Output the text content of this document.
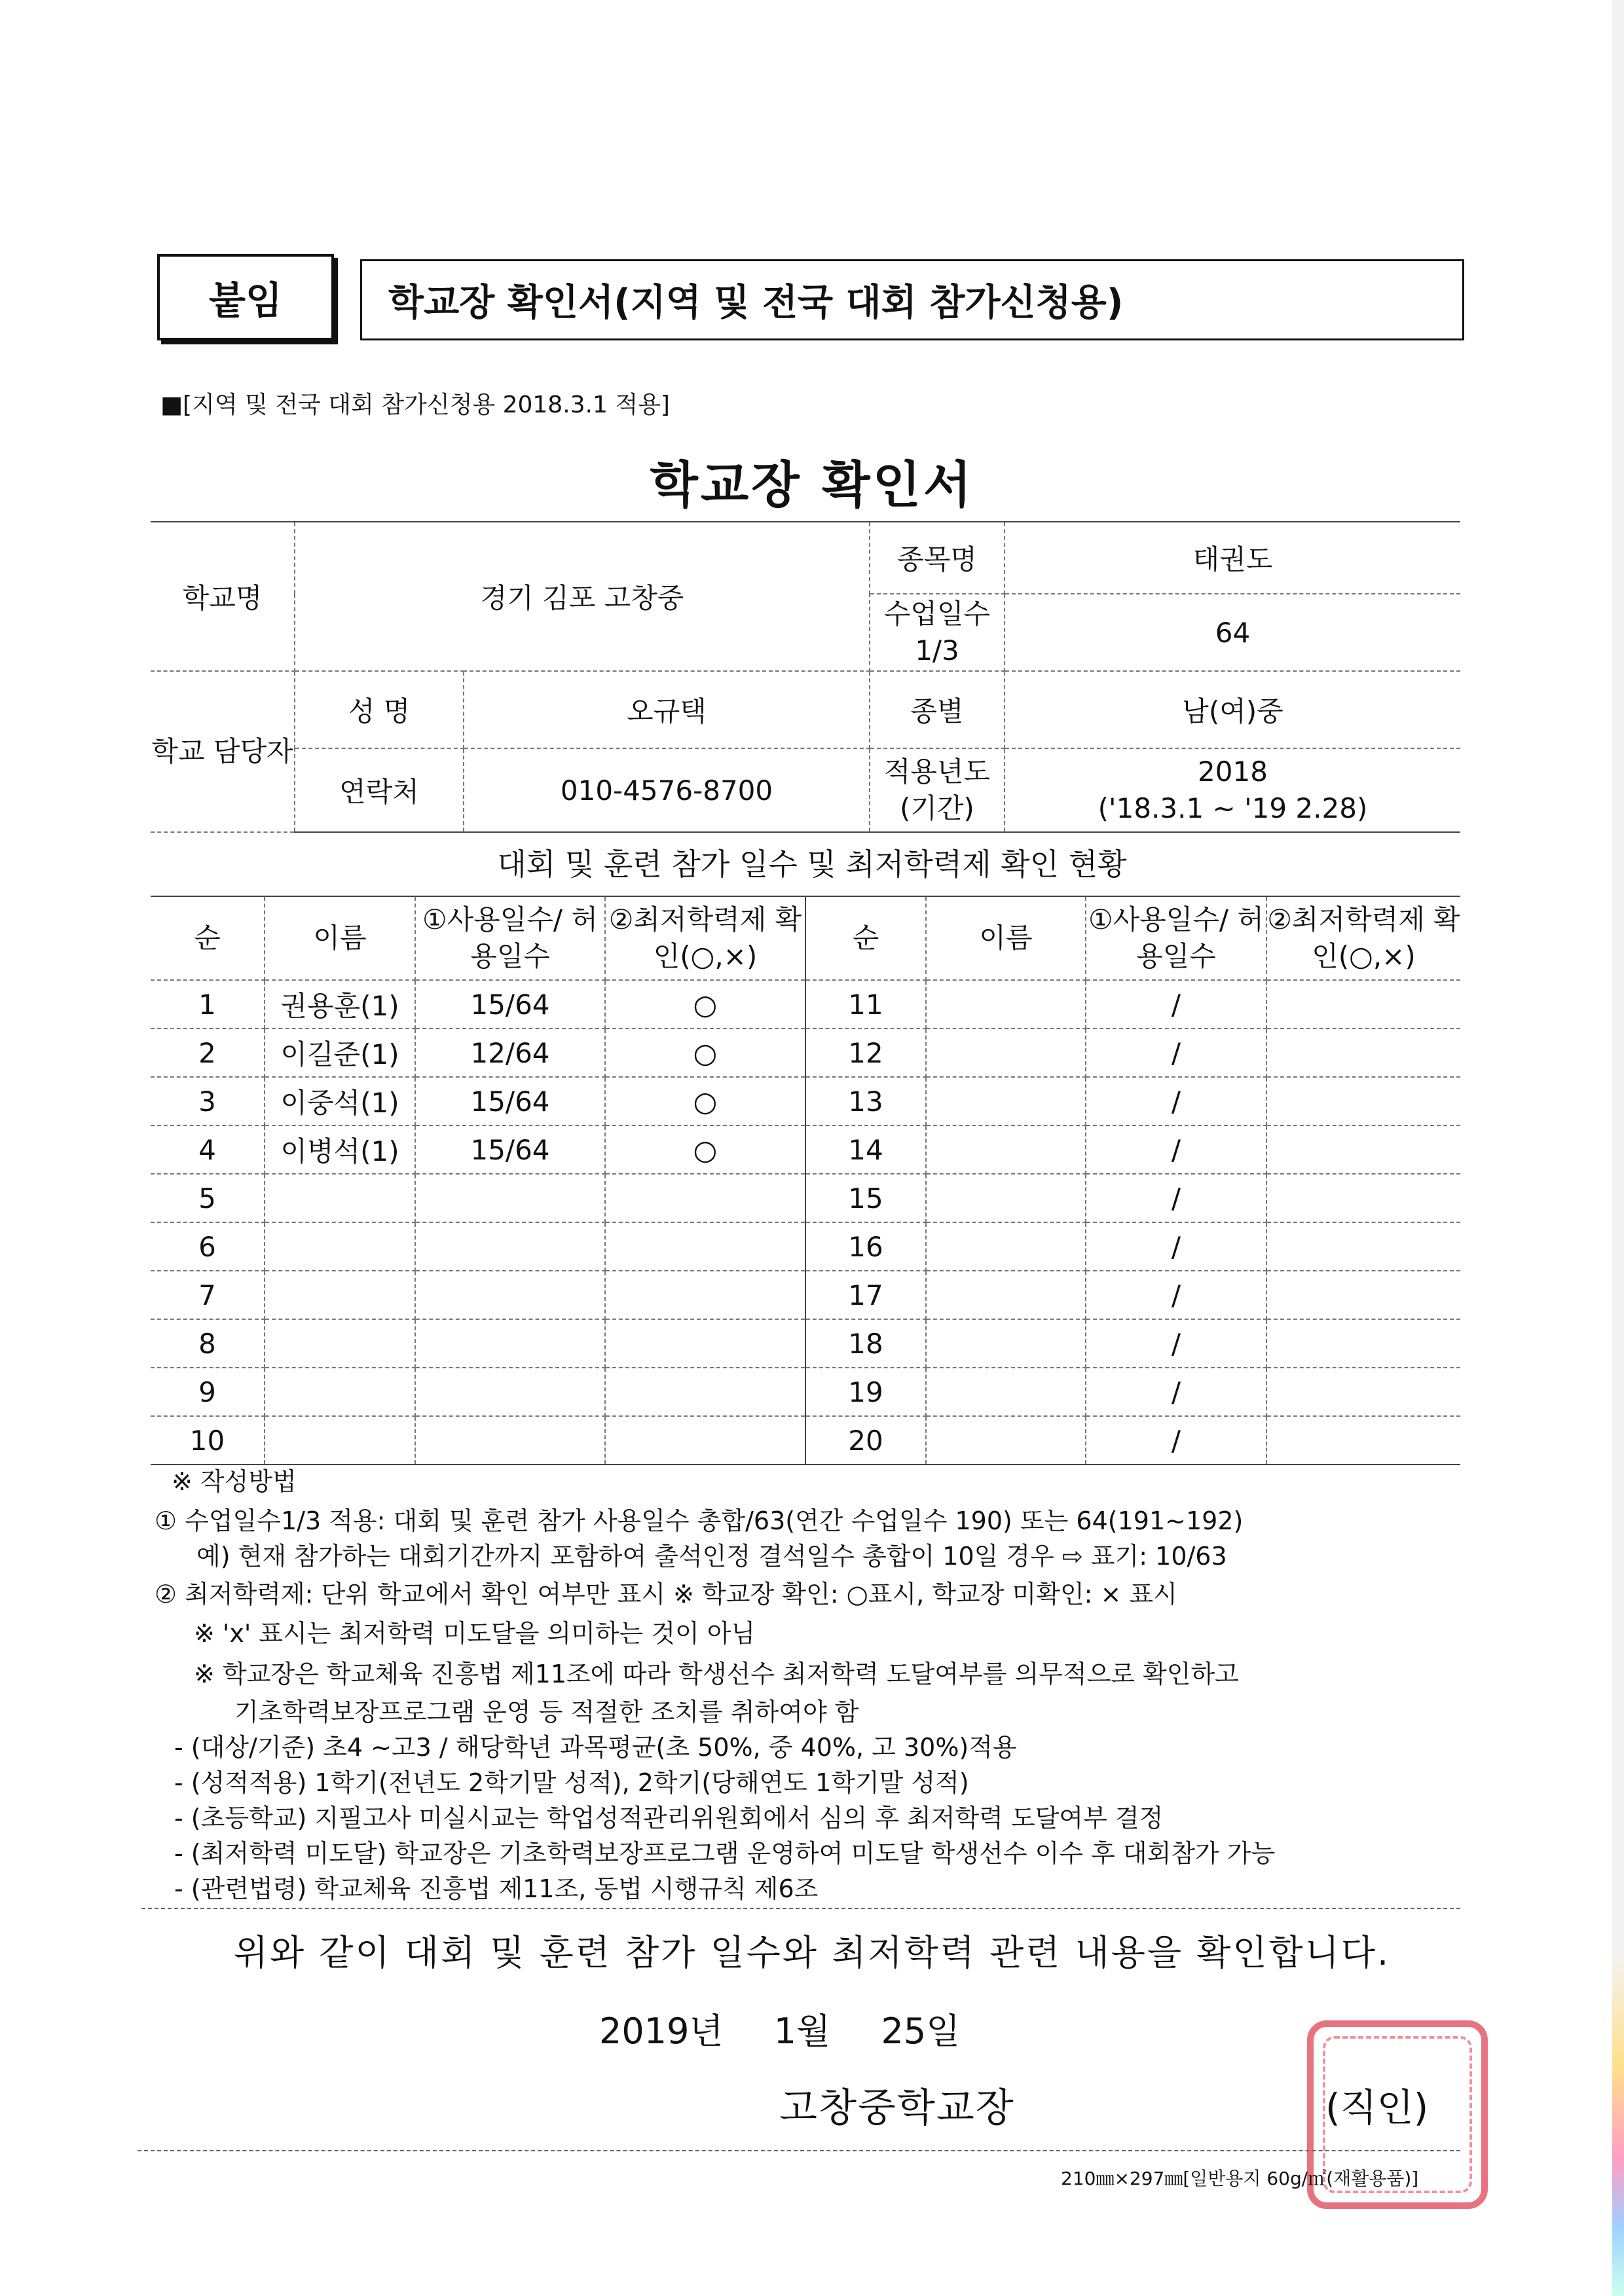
붙임	학교장 확인서(지역 및 전국 대회 참가신청용)
■[지역 및 전국 대회 참가신청용 2018.3.1 적용]
학교장 확인서
학교명	경기 김포 고창중		종목명	태권도
			수업일수 1/3	64
학교 담당자	성 명	오규택	종별	남(여)중
	연락처	010-4576-8700	적용년도 (기간)	2018
('18.3.1 ~ '19 2.28)
대회 및 훈련 참가 일수 및 최저학력제 확인 현황
순	이름	①사용일수/ 허용일수	②최저학력제 확인(○,×)	순	이름	①사용일수/ 허용일수	②최저학력제 확인(○,×)
1	권용훈(1)	15/64	○	11		/	
2	이길준(1)	12/64	○	12		/	
3	이중석(1)	15/64	○	13		/	
4	이병석(1)	15/64	○	14		/	
5				15		/	
6				16		/	
7				17		/	
8				18		/	
9				19		/	
10				20		/	
※ 작성방법
① 수업일수1/3 적용: 대회 및 훈련 참가 사용일수 총합/63(연간 수업일수 190) 또는 64(191~192)
예) 현재 참가하는 대회기간까지 포함하여 출석인정 결석일수 총합이 10일 경우 ⇨ 표기: 10/63
② 최저학력제: 단위 학교에서 확인 여부만 표시 ※ 학교장 확인: ○표시, 학교장 미확인: × 표시
※ 'x' 표시는 최저학력 미도달을 의미하는 것이 아님
※ 학교장은 학교체육 진흥법 제11조에 따라 학생선수 최저학력 도달여부를 의무적으로 확인하고
기초학력보장프로그램 운영 등 적절한 조치를 취하여야 함
- (대상/기준) 초4 ~고3 / 해당학년 과목평균(초 50%, 중 40%, 고 30%)적용
- (성적적용) 1학기(전년도 2학기말 성적), 2학기(당해연도 1학기말 성적)
- (초등학교) 지필고사 미실시교는 학업성적관리위원회에서 심의 후 최저학력 도달여부 결정
- (최저학력 미도달) 학교장은 기초학력보장프로그램 운영하여 미도달 학생선수 이수 후 대회참가 가능
- (관련법령) 학교체육 진흥법 제11조, 동법 시행규칙 제6조
위와 같이 대회 및 훈련 참가 일수와 최저학력 관련 내용을 확인합니다.
2019년 1월 25일
고창중학교장	(직인)
210㎜×297㎜[일반용지 60g/㎡(재활용품)]
